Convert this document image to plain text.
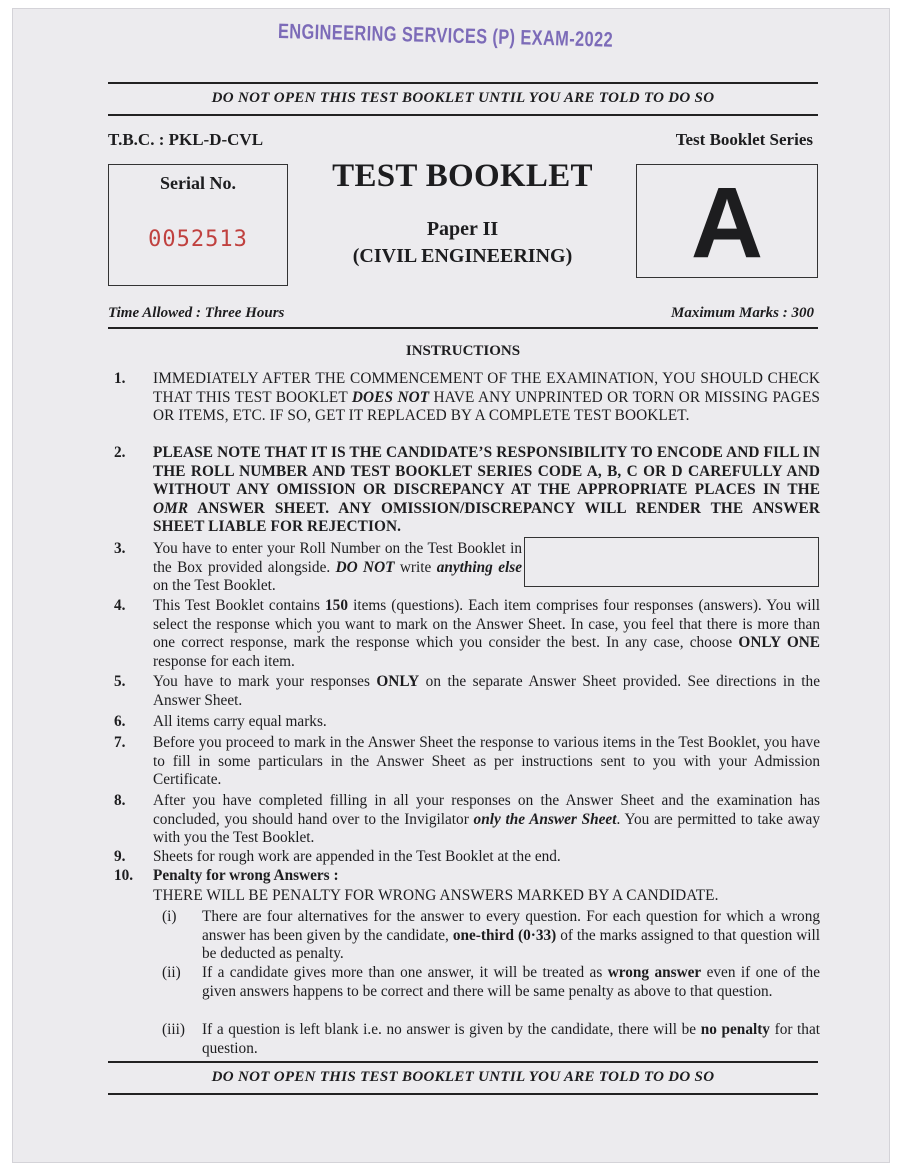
ENGINEERING SERVICES (P) EXAM-2022
DO NOT OPEN THIS TEST BOOKLET UNTIL YOU ARE TOLD TO DO SO
T.B.C. : PKL-D-CVL	Test Booklet Series
Serial No.
0052513
TEST BOOKLET
Paper II
(CIVIL ENGINEERING)	A
Time Allowed : Three Hours	Maximum Marks : 300
INSTRUCTIONS
1. IMMEDIATELY AFTER THE COMMENCEMENT OF THE EXAMINATION, YOU SHOULD CHECK THAT THIS TEST BOOKLET DOES NOT HAVE ANY UNPRINTED OR TORN OR MISSING PAGES OR ITEMS, ETC. IF SO, GET IT REPLACED BY A COMPLETE TEST BOOKLET.
2. PLEASE NOTE THAT IT IS THE CANDIDATE’S RESPONSIBILITY TO ENCODE AND FILL IN THE ROLL NUMBER AND TEST BOOKLET SERIES CODE A, B, C OR D CAREFULLY AND WITHOUT ANY OMISSION OR DISCREPANCY AT THE APPROPRIATE PLACES IN THE OMR ANSWER SHEET. ANY OMISSION/DISCREPANCY WILL RENDER THE ANSWER SHEET LIABLE FOR REJECTION.
3. You have to enter your Roll Number on the Test Booklet in the Box provided alongside. DO NOT write anything else on the Test Booklet.
4. This Test Booklet contains 150 items (questions). Each item comprises four responses (answers). You will select the response which you want to mark on the Answer Sheet. In case, you feel that there is more than one correct response, mark the response which you consider the best. In any case, choose ONLY ONE response for each item.
5. You have to mark your responses ONLY on the separate Answer Sheet provided. See directions in the Answer Sheet.
6. All items carry equal marks.
7. Before you proceed to mark in the Answer Sheet the response to various items in the Test Booklet, you have to fill in some particulars in the Answer Sheet as per instructions sent to you with your Admission Certificate.
8. After you have completed filling in all your responses on the Answer Sheet and the examination has concluded, you should hand over to the Invigilator only the Answer Sheet. You are permitted to take away with you the Test Booklet.
9. Sheets for rough work are appended in the Test Booklet at the end.
10. Penalty for wrong Answers :
THERE WILL BE PENALTY FOR WRONG ANSWERS MARKED BY A CANDIDATE.
(i) There are four alternatives for the answer to every question. For each question for which a wrong answer has been given by the candidate, one-third (0·33) of the marks assigned to that question will be deducted as penalty.
(ii) If a candidate gives more than one answer, it will be treated as wrong answer even if one of the given answers happens to be correct and there will be same penalty as above to that question.
(iii) If a question is left blank i.e. no answer is given by the candidate, there will be no penalty for that question.
DO NOT OPEN THIS TEST BOOKLET UNTIL YOU ARE TOLD TO DO SO
